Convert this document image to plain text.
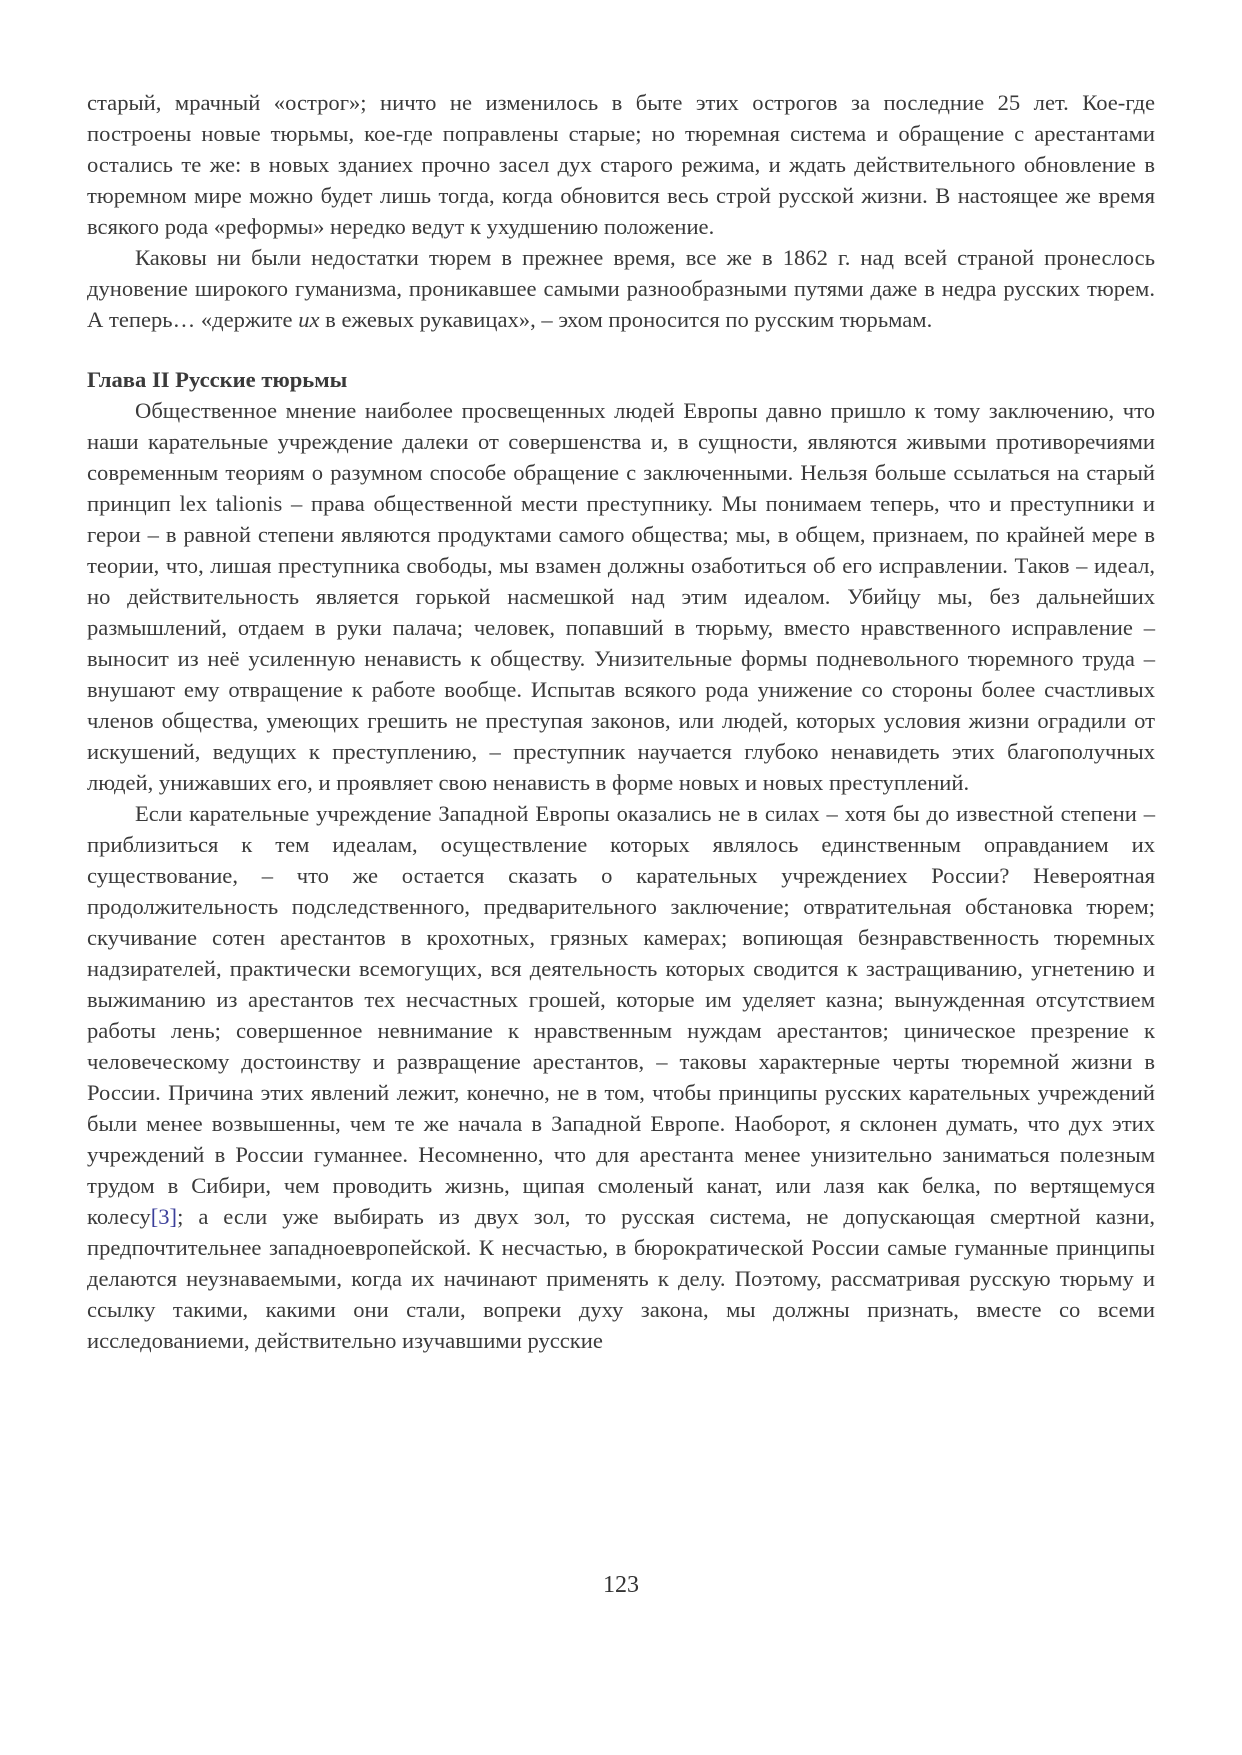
старый, мрачный «острог»; ничто не изменилось в быте этих острогов за последние 25 лет. Кое-где построены новые тюрьмы, кое-где поправлены старые; но тюремная система и обращение с арестантами остались те же: в новых зданиех прочно засел дух старого режима, и ждать действительного обновление в тюремном мире можно будет лишь тогда, когда обновится весь строй русской жизни. В настоящее же время всякого рода «реформы» нередко ведут к ухудшению положение.

Каковы ни были недостатки тюрем в прежнее время, все же в 1862 г. над всей страной пронеслось дуновение широкого гуманизма, проникавшее самыми разнообразными путями даже в недра русских тюрем. А теперь… «держите их в ежевых рукавицах», – эхом проносится по русским тюрьмам.

Глава II Русские тюрьмы

Общественное мнение наиболее просвещенных людей Европы давно пришло к тому заключению, что наши карательные учреждение далеки от совершенства и, в сущности, являются живыми противоречиями современным теориям о разумном способе обращение с заключенными. Нельзя больше ссылаться на старый принцип lex talionis – права общественной мести преступнику. Мы понимаем теперь, что и преступники и герои – в равной степени являются продуктами самого общества; мы, в общем, признаем, по крайней мере в теории, что, лишая преступника свободы, мы взамен должны озаботиться об его исправлении. Таков – идеал, но действительность является горькой насмешкой над этим идеалом. Убийцу мы, без дальнейших размышлений, отдаем в руки палача; человек, попавший в тюрьму, вместо нравственного исправление – выносит из неё усиленную ненависть к обществу. Унизительные формы подневольного тюремного труда – внушают ему отвращение к работе вообще. Испытав всякого рода унижение со стороны более счастливых членов общества, умеющих грешить не преступая законов, или людей, которых условия жизни оградили от искушений, ведущих к преступлению, – преступник научается глубоко ненавидеть этих благополучных людей, унижавших его, и проявляет свою ненависть в форме новых и новых преступлений.

Если карательные учреждение Западной Европы оказались не в силах – хотя бы до известной степени – приблизиться к тем идеалам, осуществление которых являлось единственным оправданием их существование, – что же остается сказать о карательных учреждениех России? Невероятная продолжительность подследственного, предварительного заключение; отвратительная обстановка тюрем; скучивание сотен арестантов в крохотных, грязных камерах; вопиющая безнравственность тюремных надзирателей, практически всемогущих, вся деятельность которых сводится к застращиванию, угнетению и выжиманию из арестантов тех несчастных грошей, которые им уделяет казна; вынужденная отсутствием работы лень; совершенное невнимание к нравственным нуждам арестантов; циническое презрение к человеческому достоинству и развращение арестантов, – таковы характерные черты тюремной жизни в России. Причина этих явлений лежит, конечно, не в том, чтобы принципы русских карательных учреждений были менее возвышенны, чем те же начала в Западной Европе. Наоборот, я склонен думать, что дух этих учреждений в России гуманнее. Несомненно, что для арестанта менее унизительно заниматься полезным трудом в Сибири, чем проводить жизнь, щипая смоленый канат, или лазя как белка, по вертящемуся колесу[3]; а если уже выбирать из двух зол, то русская система, не допускающая смертной казни, предпочтительнее западноевропейской. К несчастью, в бюрократической России самые гуманные принципы делаются неузнаваемыми, когда их начинают применять к делу. Поэтому, рассматривая русскую тюрьму и ссылку такими, какими они стали, вопреки духу закона, мы должны признать, вместе со всеми исследованиеми, действительно изучавшими русские

123
